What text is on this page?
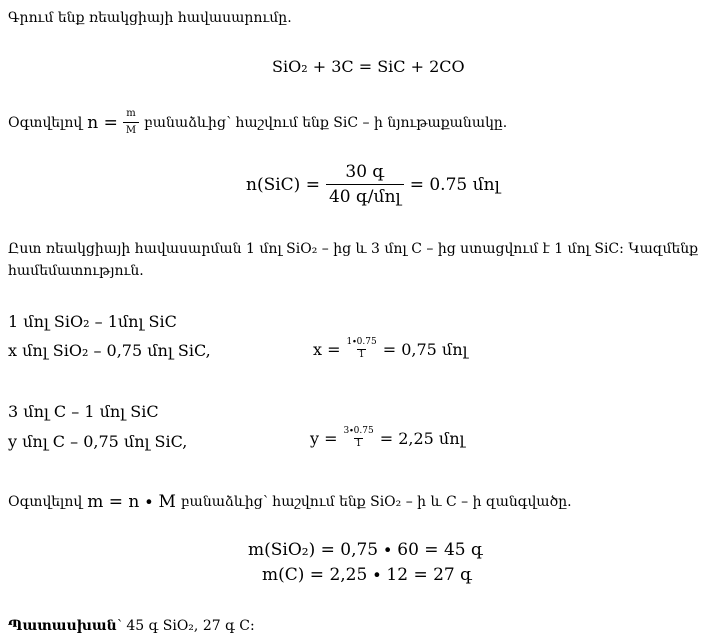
Գրում ենք ռեակցիայի հավասարումը.
SiO₂ + 3C = SiC + 2CO
Օգտվելով $n = \frac{m}{M}$ բանաձևից՝ հաշվում ենք SiC – ի նյութաքանակը.
$n(SiC) = \frac{\text{30 գ}}{\text{40 գ/մոլ}} = 0.75$ մոլ
Ըստ ռեակցիայի հավասարման 1 մոլ SiO₂ – ից և 3 մոլ C – ից ստացվում է 1 մոլ SiC: Կազմենք
համեմատություն.
1 մոլ SiO₂ – 1մոլ SiC
x մոլ SiO₂ – 0,75 մոլ SiC,	$x = \frac{1\cdot 0.75}{1} = 0,75$ մոլ
3 մոլ C – 1 մոլ SiC
y մոլ C – 0,75 մոլ SiC,	$y = \frac{3\cdot 0.75}{1} = 2,25$ մոլ
Օգտվելով m = n ∙ M բանաձևից՝ հաշվում ենք SiO₂ – ի և C – ի զանգվածը.
m(SiO₂) = 0,75 ∙ 60 = 45 գ
m(C) = 2,25 ∙ 12 = 27 գ
Պատասխան՝ 45 գ SiO₂, 27 գ C:
